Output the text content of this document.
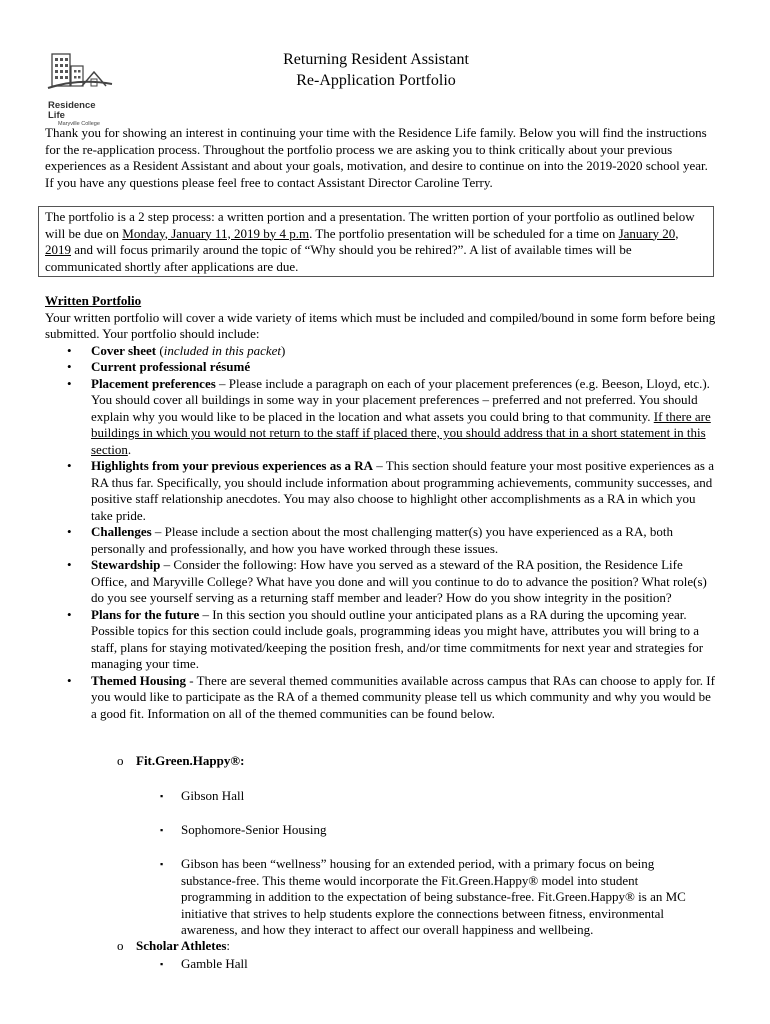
Residence Life
Maryville College
Returning Resident Assistant
Re-Application Portfolio
Thank you for showing an interest in continuing your time with the Residence Life family. Below you will find the instructions for the re-application process. Throughout the portfolio process we are asking you to think critically about your previous experiences as a Resident Assistant and about your goals, motivation, and desire to continue on into the 2019-2020 school year. If you have any questions please feel free to contact Assistant Director Caroline Terry.
The portfolio is a 2 step process: a written portion and a presentation. The written portion of your portfolio as outlined below will be due on Monday, January 11, 2019 by 4 p.m. The portfolio presentation will be scheduled for a time on January 20, 2019 and will focus primarily around the topic of “Why should you be rehired?”. A list of available times will be communicated shortly after applications are due.
Written Portfolio

Your written portfolio will cover a wide variety of items which must be included and compiled/bound in some form before being submitted. Your portfolio should include:

• Cover sheet (included in this packet)
• Current professional résumé
• Placement preferences – Please include a paragraph on each of your placement preferences (e.g. Beeson, Lloyd, etc.). You should cover all buildings in some way in your placement preferences – preferred and not preferred. You should explain why you would like to be placed in the location and what assets you could bring to that community. If there are buildings in which you would not return to the staff if placed there, you should address that in a short statement in this section.
• Highlights from your previous experiences as a RA – This section should feature your most positive experiences as a RA thus far. Specifically, you should include information about programming achievements, community successes, and positive staff relationship anecdotes. You may also choose to highlight other accomplishments as a RA in which you take pride.
• Challenges – Please include a section about the most challenging matter(s) you have experienced as a RA, both personally and professionally, and how you have worked through these issues.
• Stewardship – Consider the following: How have you served as a steward of the RA position, the Residence Life Office, and Maryville College? What have you done and will you continue to do to advance the position? What role(s) do you see yourself serving as a returning staff member and leader? How do you show integrity in the position?
• Plans for the future – In this section you should outline your anticipated plans as a RA during the upcoming year. Possible topics for this section could include goals, programming ideas you might have, attributes you will bring to a staff, plans for staying motivated/keeping the position fresh, and/or time commitments for next year and strategies for managing your time.
• Themed Housing - There are several themed communities available across campus that RAs can choose to apply for. If you would like to participate as the RA of a themed community please tell us which community and why you would be a good fit. Information on all of the themed communities can be found below.
o Fit.Green.Happy®:
▪ Gibson Hall
▪ Sophomore-Senior Housing
▪ Gibson has been “wellness” housing for an extended period, with a primary focus on being substance-free. This theme would incorporate the Fit.Green.Happy® model into student programming in addition to the expectation of being substance-free. Fit.Green.Happy® is an MC initiative that strives to help students explore the connections between fitness, environmental awareness, and how they interact to affect our overall happiness and wellbeing.
o Scholar Athletes:
▪ Gamble Hall
